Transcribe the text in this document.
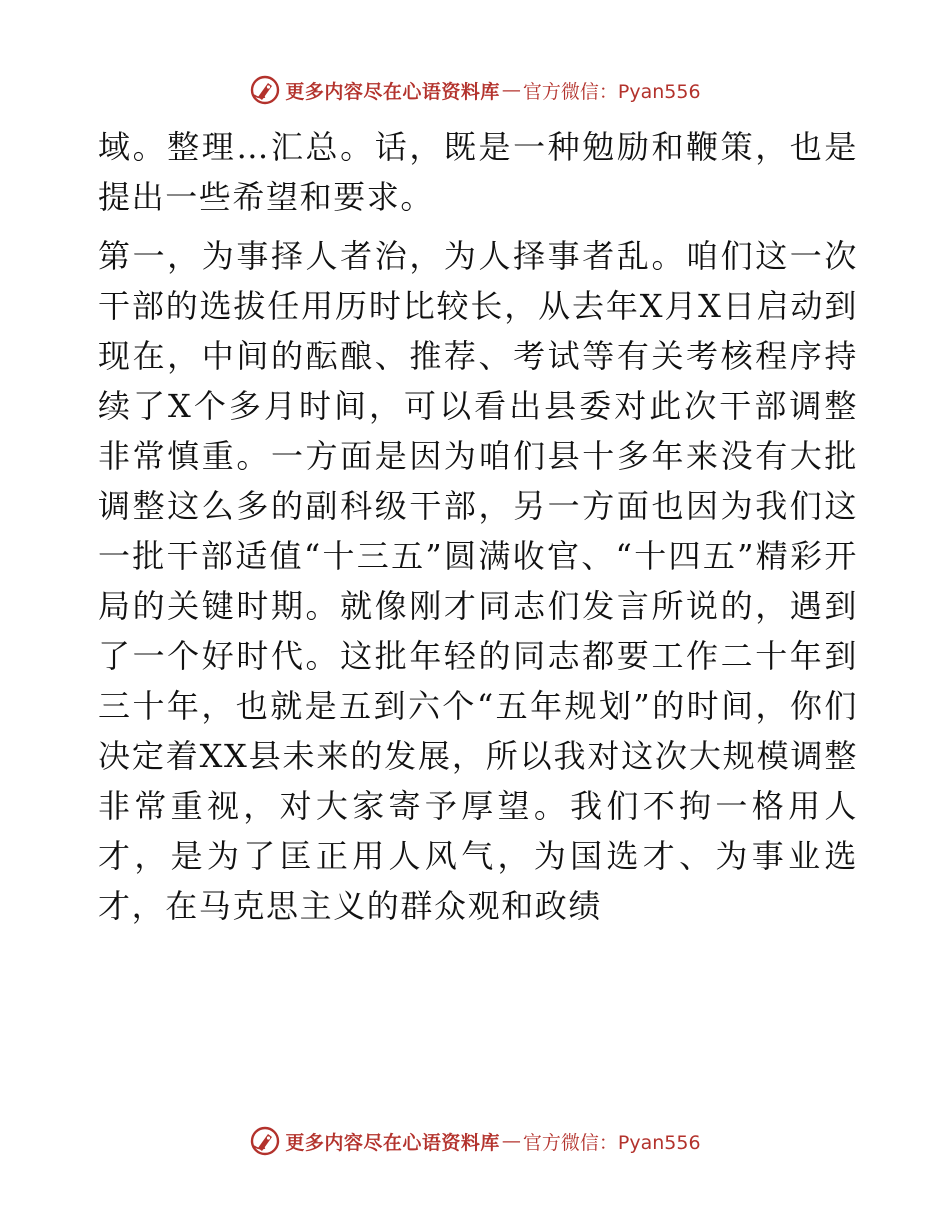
更多内容尽在心语资料库 — 官方微信：Pyan556

域。整理…汇总。话，既是一种勉励和鞭策，也是提出一些希望和要求。

第一，为事择人者治，为人择事者乱。咱们这一次干部的选拔任用历时比较长，从去年X月X日启动到现在，中间的酝酿、推荐、考试等有关考核程序持续了X个多月时间，可以看出县委对此次干部调整非常慎重。一方面是因为咱们县十多年来没有大批调整这么多的副科级干部，另一方面也因为我们这一批干部适值“十三五”圆满收官、“十四五”精彩开局的关键时期。就像刚才同志们发言所说的，遇到了一个好时代。这批年轻的同志都要工作二十年到三十年，也就是五到六个“五年规划”的时间，你们决定着XX县未来的发展，所以我对这次大规模调整非常重视，对大家寄予厚望。我们不拘一格用人才，是为了匡正用人风气，为国选才、为事业选才，在马克思主义的群众观和政绩

更多内容尽在心语资料库 — 官方微信：Pyan556
